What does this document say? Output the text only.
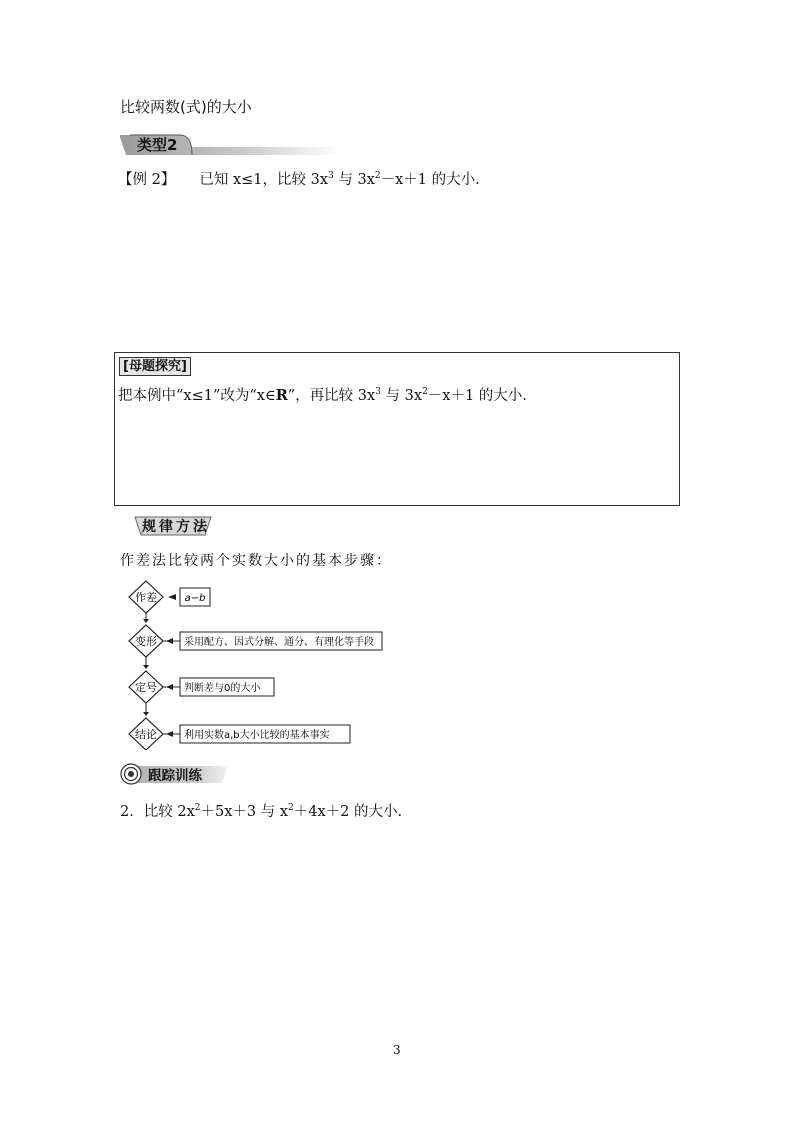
比较两数(式)的大小
类型2
【例 2】 已知 x≤1，比较 $3x^3$ 与 $3x^2-x+1$ 的大小.
[母题探究]
把本例中“x≤1”改为“x∈R”，再比较 $3x^3$ 与 $3x^2-x+1$ 的大小.
规律方法
作差法比较两个实数大小的基本步骤：
作差	a−b
变形	采用配方、因式分解、通分、有理化等手段
定号	判断差与0的大小
结论	利用实数a,b大小比较的基本事实
跟踪训练
2．比较 $2x^2+5x+3$ 与 $x^2+4x+2$ 的大小.
3
